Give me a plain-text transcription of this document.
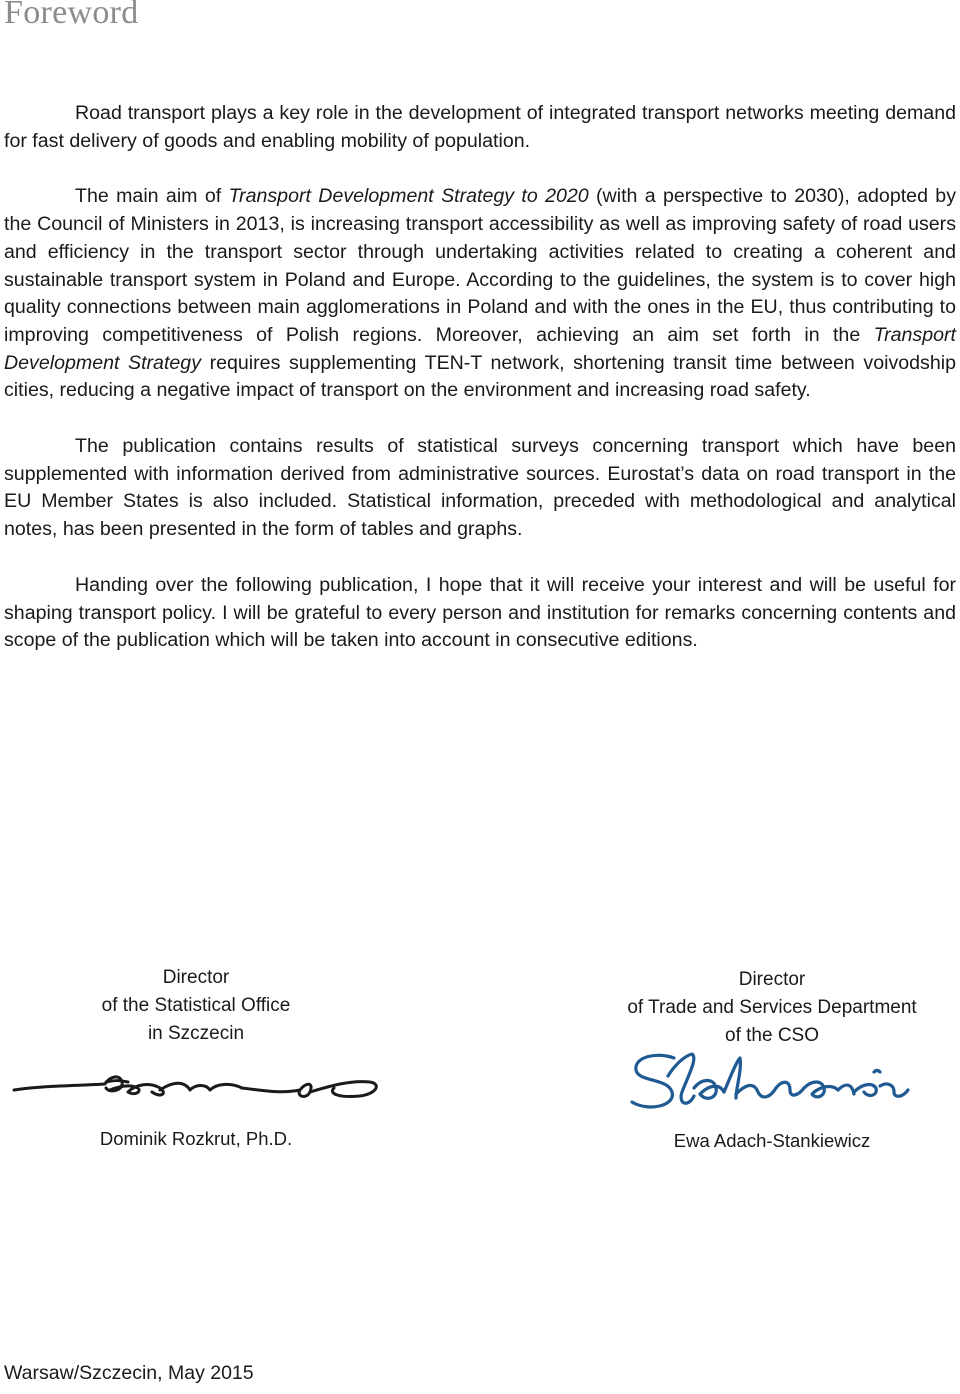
Foreword

Road transport plays a key role in the development of integrated transport networks meeting demand for fast delivery of goods and enabling mobility of population.

The main aim of Transport Development Strategy to 2020 (with a perspective to 2030), adopted by the Council of Ministers in 2013, is increasing transport accessibility as well as improving safety of road users and efficiency in the transport sector through undertaking activities related to creating a coherent and sustainable transport system in Poland and Europe. According to the guidelines, the system is to cover high quality connections between main agglomerations in Poland and with the ones in the EU, thus contributing to improving competitiveness of Polish regions. Moreover, achieving an aim set forth in the Transport Development Strategy requires supplementing TEN-T network, shortening transit time between voivodship cities, reducing a negative impact of transport on the environment and increasing road safety.

The publication contains results of statistical surveys concerning transport which have been supplemented with information derived from administrative sources. Eurostat’s data on road transport in the EU Member States is also included. Statistical information, preceded with methodological and analytical notes, has been presented in the form of tables and graphs.

Handing over the following publication, I hope that it will receive your interest and will be useful for shaping transport policy. I will be grateful to every person and institution for remarks concerning contents and scope of the publication which will be taken into account in consecutive editions.

Director
of the Statistical Office
in Szczecin
Dominik Rozkrut, Ph.D.
Director
of Trade and Services Department
of the CSO
Ewa Adach-Stankiewicz
Warsaw/Szczecin, May 2015
